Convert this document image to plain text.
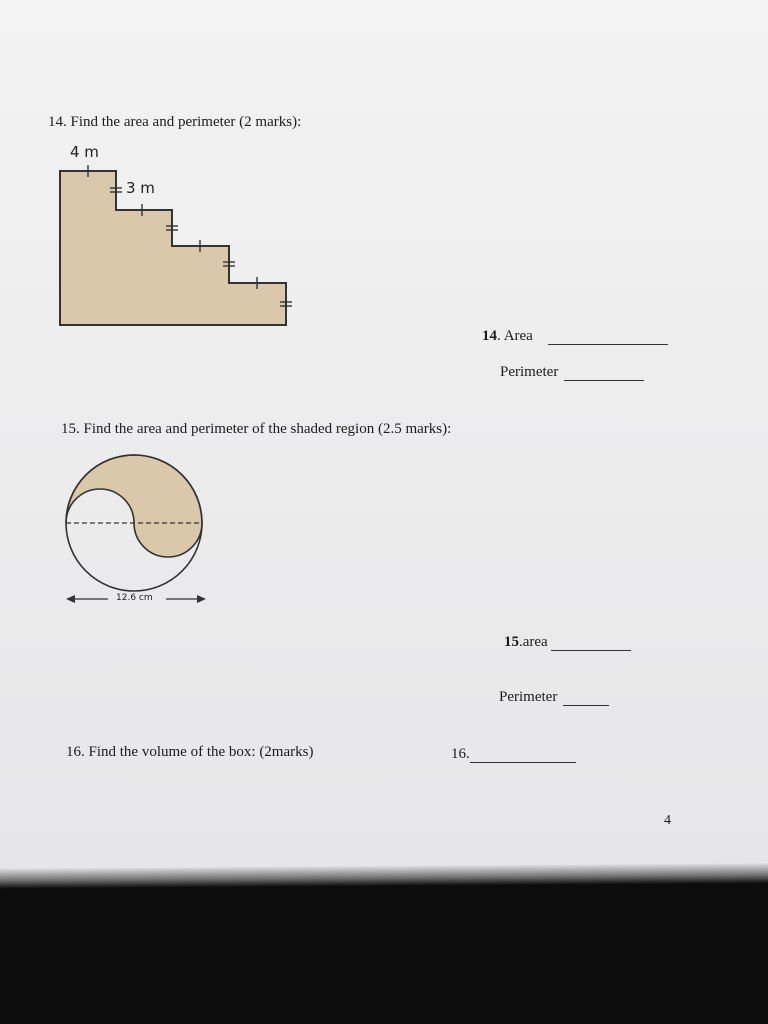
14. Find the area and perimeter (2 marks):
4 m
3 m
14. Area
Perimeter
15. Find the area and perimeter of the shaded region (2.5 marks):
12.6 cm
15.area
Perimeter
16. Find the volume of the box: (2marks)	16.
4
